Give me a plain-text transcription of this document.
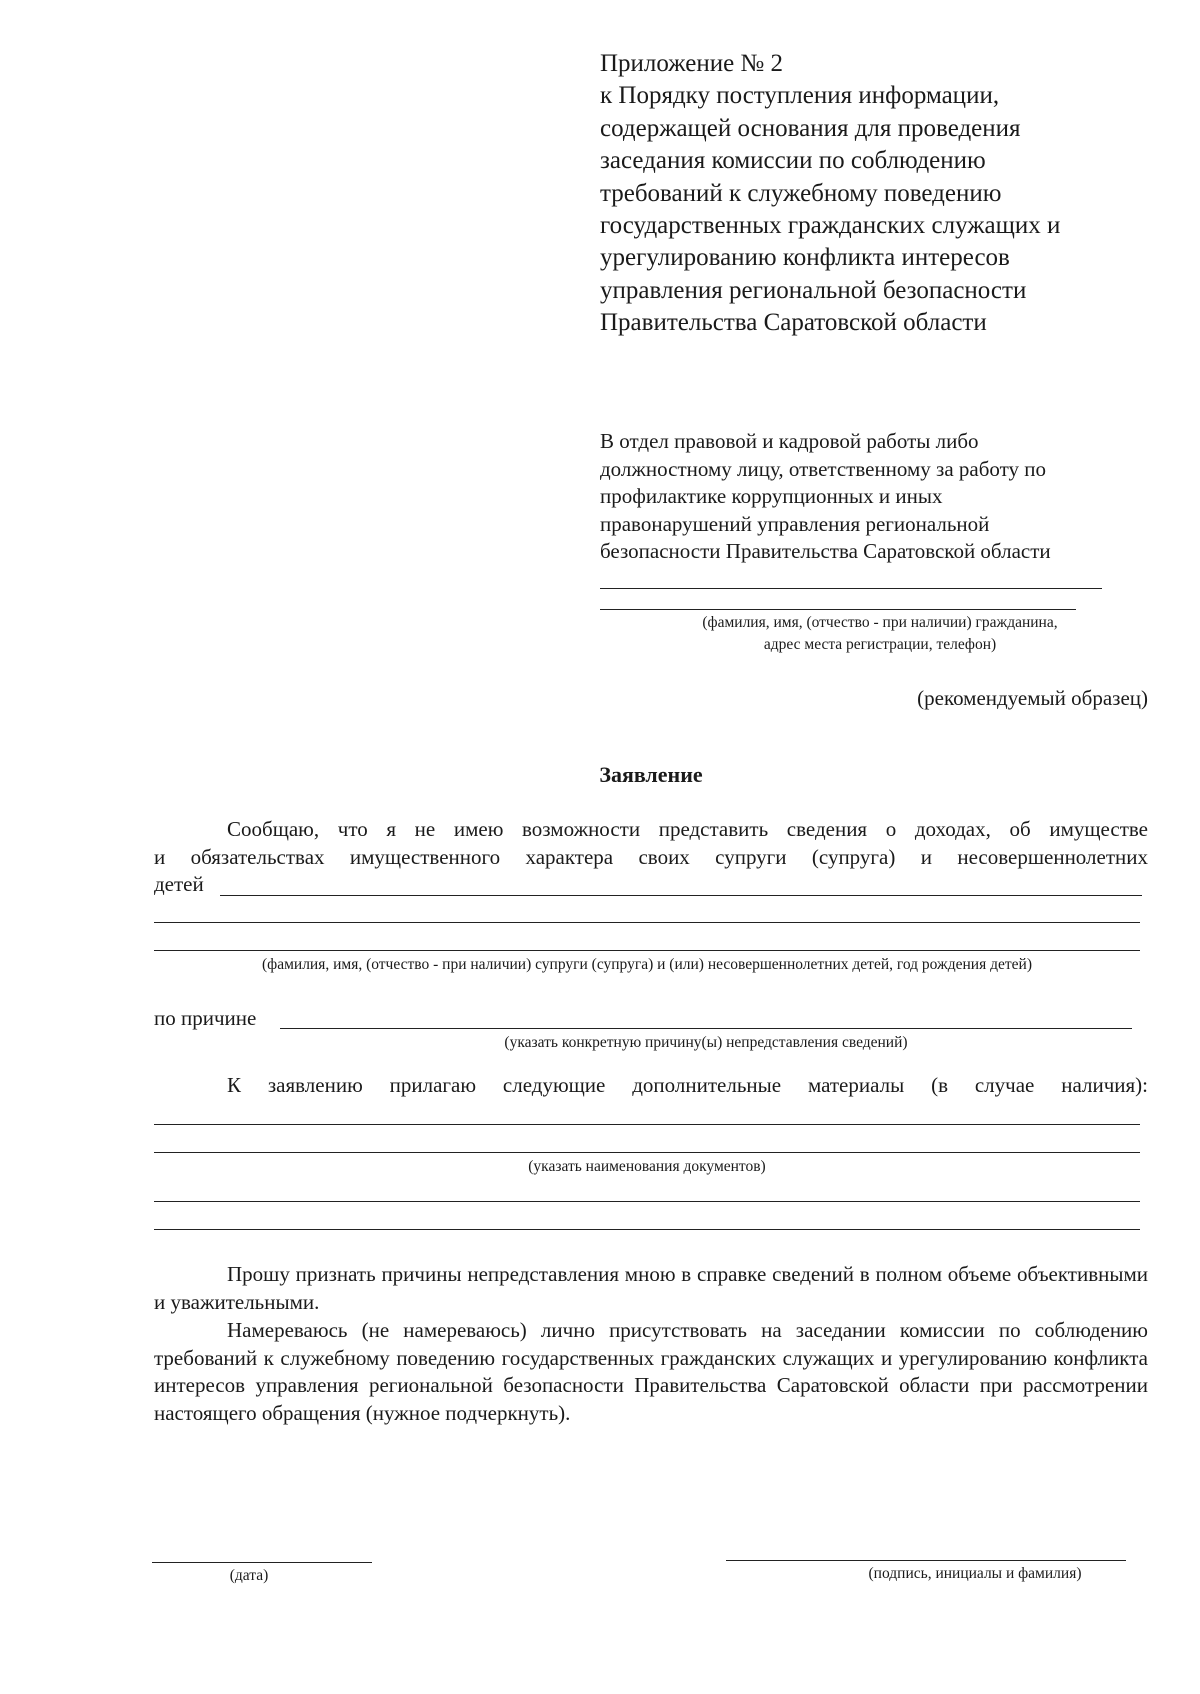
Приложение № 2
к Порядку поступления информации,
содержащей основания для проведения
заседания комиссии по соблюдению
требований к служебному поведению
государственных гражданских служащих и
урегулированию конфликта интересов
управления региональной безопасности
Правительства Саратовской области
В отдел правовой и кадровой работы либо
должностному лицу, ответственному за работу по
профилактике коррупционных и иных
правонарушений управления региональной
безопасности Правительства Саратовской области
(фамилия, имя, (отчество - при наличии) гражданина,
адрес места регистрации, телефон)
(рекомендуемый образец)
Заявление
Сообщаю, что я не имею возможности представить сведения о доходах, об имуществе
и обязательствах имущественного характера своих супруги (супруга) и несовершеннолетних
детей
(фамилия, имя, (отчество - при наличии) супруги (супруга) и (или) несовершеннолетних детей, год рождения детей)
по причине
(указать конкретную причину(ы) непредставления сведений)
К заявлению прилагаю следующие дополнительные материалы (в случае наличия):
(указать наименования документов)
Прошу признать причины непредставления мною в справке сведений в полном объеме объективными и уважительными.
Намереваюсь (не намереваюсь) лично присутствовать на заседании комиссии по соблюдению требований к служебному поведению государственных гражданских служащих и урегулированию конфликта интересов управления региональной безопасности Правительства Саратовской области при рассмотрении настоящего обращения (нужное подчеркнуть).
(дата)	(подпись, инициалы и фамилия)
